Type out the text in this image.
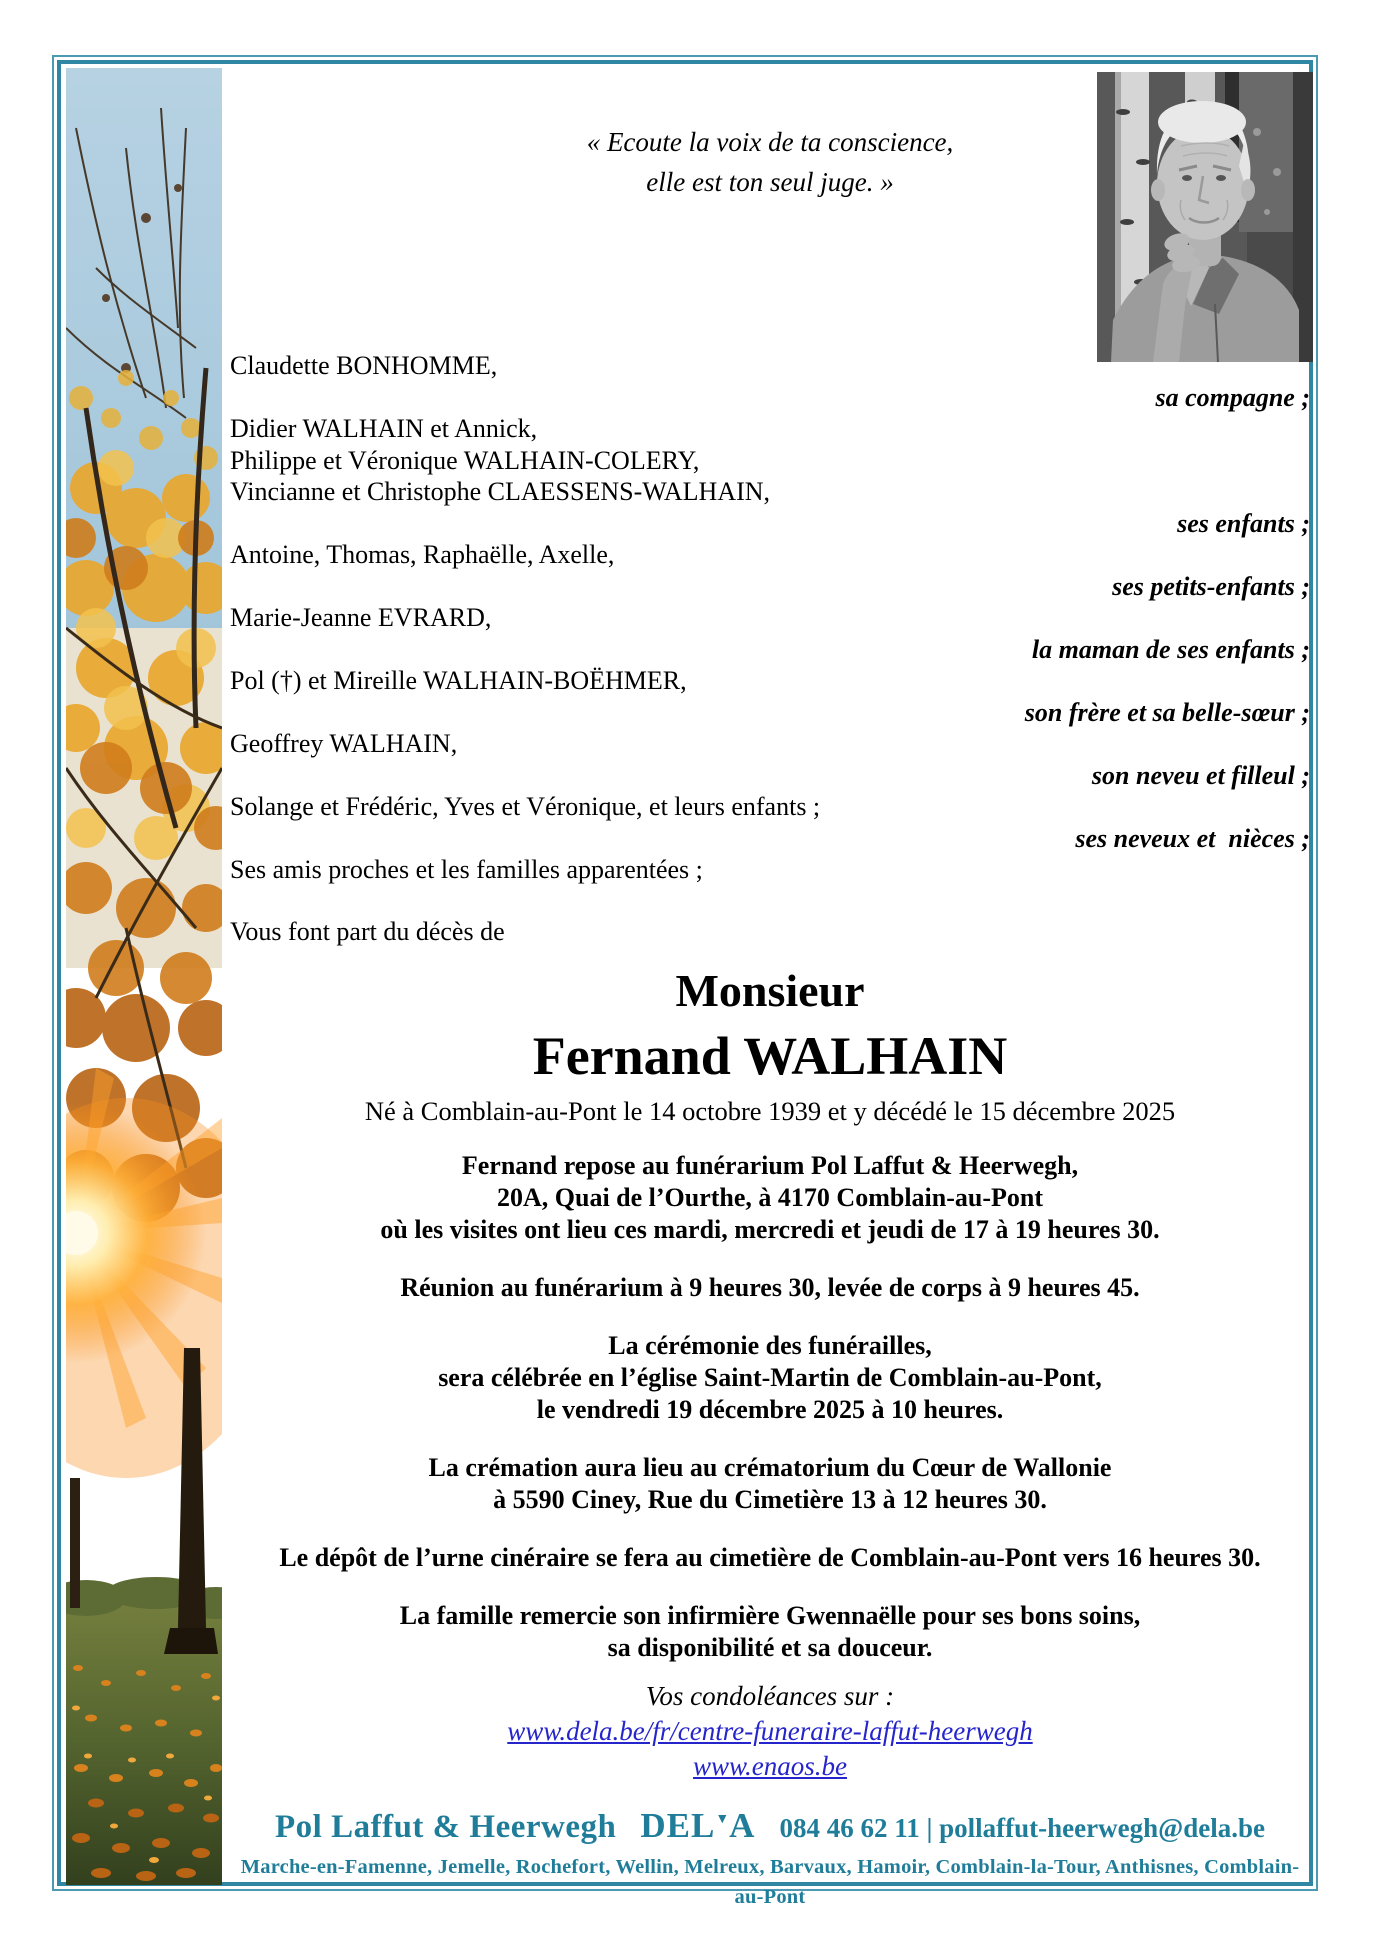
« Ecoute la voix de ta conscience,
elle est ton seul juge. »
Claudette BONHOMME,
sa compagne ;
Didier WALHAIN et Annick,
Philippe et Véronique WALHAIN-COLERY,
Vincianne et Christophe CLAESSENS-WALHAIN,
ses enfants ;
Antoine, Thomas, Raphaëlle, Axelle,
ses petits-enfants ;
Marie-Jeanne EVRARD,
la maman de ses enfants ;
Pol (†) et Mireille WALHAIN-BOËHMER,
son frère et sa belle-sœur ;
Geoffrey WALHAIN,
son neveu et filleul ;
Solange et Frédéric, Yves et Véronique, et leurs enfants ;
ses neveux et  nièces ;
Ses amis proches et les familles apparentées ;
Vous font part du décès de
Monsieur
Fernand WALHAIN
Né à Comblain-au-Pont le 14 octobre 1939 et y décédé le 15 décembre 2025
Fernand repose au funérarium Pol Laffut & Heerwegh,
20A, Quai de l’Ourthe, à 4170 Comblain-au-Pont
où les visites ont lieu ces mardi, mercredi et jeudi de 17 à 19 heures 30.
Réunion au funérarium à 9 heures 30, levée de corps à 9 heures 45.
La cérémonie des funérailles,
sera célébrée en l’église Saint-Martin de Comblain-au-Pont,
le vendredi 19 décembre 2025 à 10 heures.
La crémation aura lieu au crématorium du Cœur de Wallonie
à 5590 Ciney, Rue du Cimetière 13 à 12 heures 30.
Le dépôt de l’urne cinéraire se fera au cimetière de Comblain-au-Pont vers 16 heures 30.
La famille remercie son infirmière Gwennaëlle pour ses bons soins,
sa disponibilité et sa douceur.
Vos condoléances sur :
www.dela.be/fr/centre-funeraire-laffut-heerwegh
www.enaos.be
Pol Laffut & Heerwegh DEL▼A 084 46 62 11 | pollaffut-heerwegh@dela.be
Marche-en-Famenne, Jemelle, Rochefort, Wellin, Melreux, Barvaux, Hamoir, Comblain-la-Tour, Anthisnes, Comblain-au-Pont
